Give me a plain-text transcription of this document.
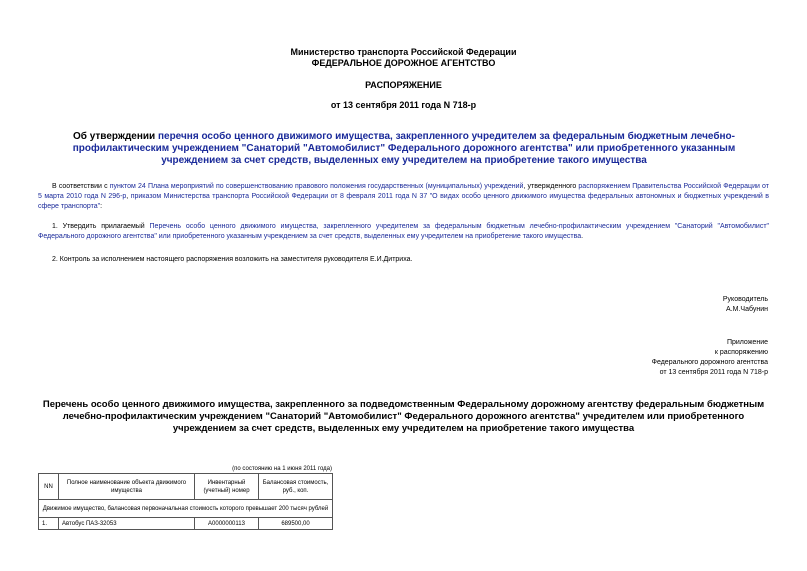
Министерство транспорта Российской Федерации
ФЕДЕРАЛЬНОЕ ДОРОЖНОЕ АГЕНТСТВО
РАСПОРЯЖЕНИЕ
от 13 сентября 2011 года N 718-р
Об утверждении перечня особо ценного движимого имущества, закрепленного учредителем за федеральным бюджетным лечебно-профилактическим учреждением "Санаторий "Автомобилист" Федерального дорожного агентства" или приобретенного указанным учреждением за счет средств, выделенных ему учредителем на приобретение такого имущества
В соответствии с пунктом 24 Плана мероприятий по совершенствованию правового положения государственных (муниципальных) учреждений, утвержденного распоряжением Правительства Российской Федерации от 5 марта 2010 года N 296-р, приказом Министерства транспорта Российской Федерации от 8 февраля 2011 года N 37 "О видах особо ценного движимого имущества федеральных автономных и бюджетных учреждений в сфере транспорта":
1. Утвердить прилагаемый Перечень особо ценного движимого имущества, закрепленного учредителем за федеральным бюджетным лечебно-профилактическим учреждением "Санаторий "Автомобилист" Федерального дорожного агентства" или приобретенного указанным учреждением за счет средств, выделенных ему учредителем на приобретение такого имущества.
2. Контроль за исполнением настоящего распоряжения возложить на заместителя руководителя Е.И.Дитриха.
Руководитель
А.М.Чабунин
Приложение
к распоряжению
Федерального дорожного агентства
от 13 сентября 2011 года N 718-р
Перечень особо ценного движимого имущества, закрепленного за подведомственным Федеральному дорожному агентству федеральным бюджетным лечебно-профилактическим учреждением "Санаторий "Автомобилист" Федерального дорожного агентства" учредителем или приобретенного учреждением за счет средств, выделенных ему учредителем на приобретение такого имущества
(по состоянию на 1 июня 2011 года)
NN	Полное наименование объекта движимого имущества	Инвентарный (учетный) номер	Балансовая стоимость, руб., коп.
Движимое имущество, балансовая первоначальная стоимость которого превышает 200 тысяч рублей			
1.	Автобус ПАЗ-32053	А0000000113	689500,00
